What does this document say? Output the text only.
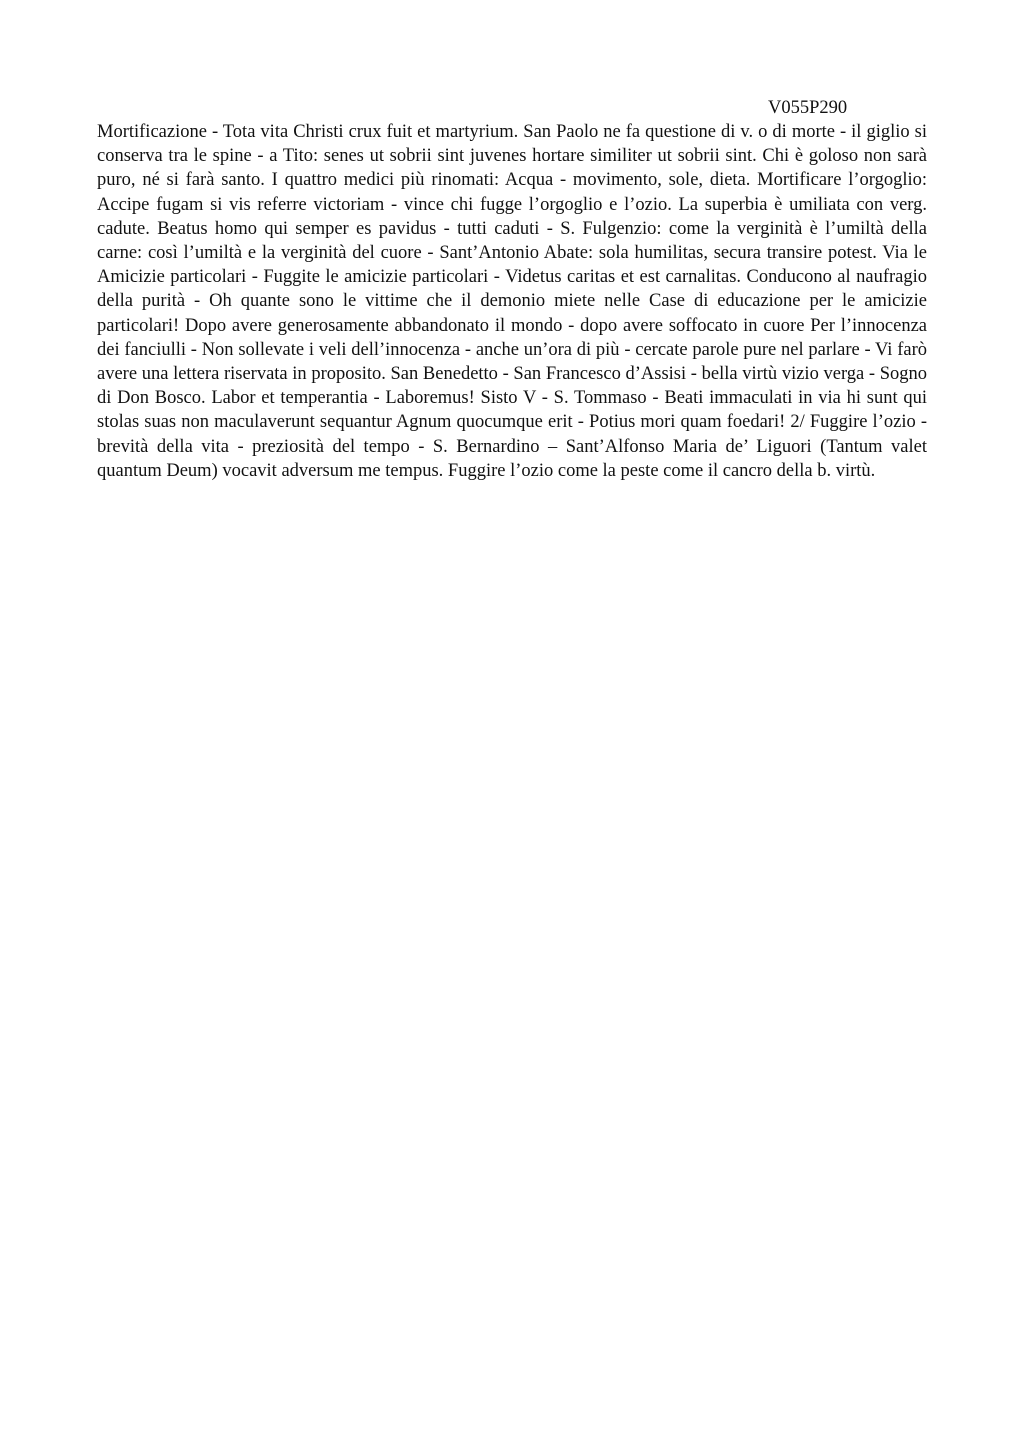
V055P290

Mortificazione - Tota vita Christi crux fuit et martyrium. San Paolo ne fa questione di v. o di morte - il giglio si conserva tra le spine - a Tito: senes ut sobrii sint juvenes hortare similiter ut sobrii sint. Chi è goloso non sarà puro, né si farà santo. I quattro medici più rinomati: Acqua - movimento, sole, dieta. Mortificare l’orgoglio: Accipe fugam si vis referre victoriam - vince chi fugge l’orgoglio e l’ozio. La superbia è umiliata con verg. cadute. Beatus homo qui semper es pavidus - tutti caduti - S. Fulgenzio: come la verginità è l’umiltà della carne: così l’umiltà e la verginità del cuore - Sant’Antonio Abate: sola humilitas, secura transire potest. Via le Amicizie particolari - Fuggite le amicizie particolari - Videtus caritas et est carnalitas. Conducono al naufragio della purità - Oh quante sono le vittime che il demonio miete nelle Case di educazione per le amicizie particolari! Dopo avere generosamente abbandonato il mondo - dopo avere soffocato in cuore Per l’innocenza dei fanciulli - Non sollevate i veli dell’innocenza - anche un’ora di più - cercate parole pure nel parlare - Vi farò avere una lettera riservata in proposito. San Benedetto - San Francesco d’Assisi - bella virtù vizio verga - Sogno di Don Bosco. Labor et temperantia - Laboremus! Sisto V - S. Tommaso - Beati immaculati in via hi sunt qui stolas suas non maculaverunt sequantur Agnum quocumque erit - Potius mori quam foedari! 2/ Fuggire l’ozio - brevità della vita - preziosità del tempo - S. Bernardino – Sant’Alfonso Maria de’ Liguori (Tantum valet quantum Deum) vocavit adversum me tempus. Fuggire l’ozio come la peste come il cancro della b. virtù.
